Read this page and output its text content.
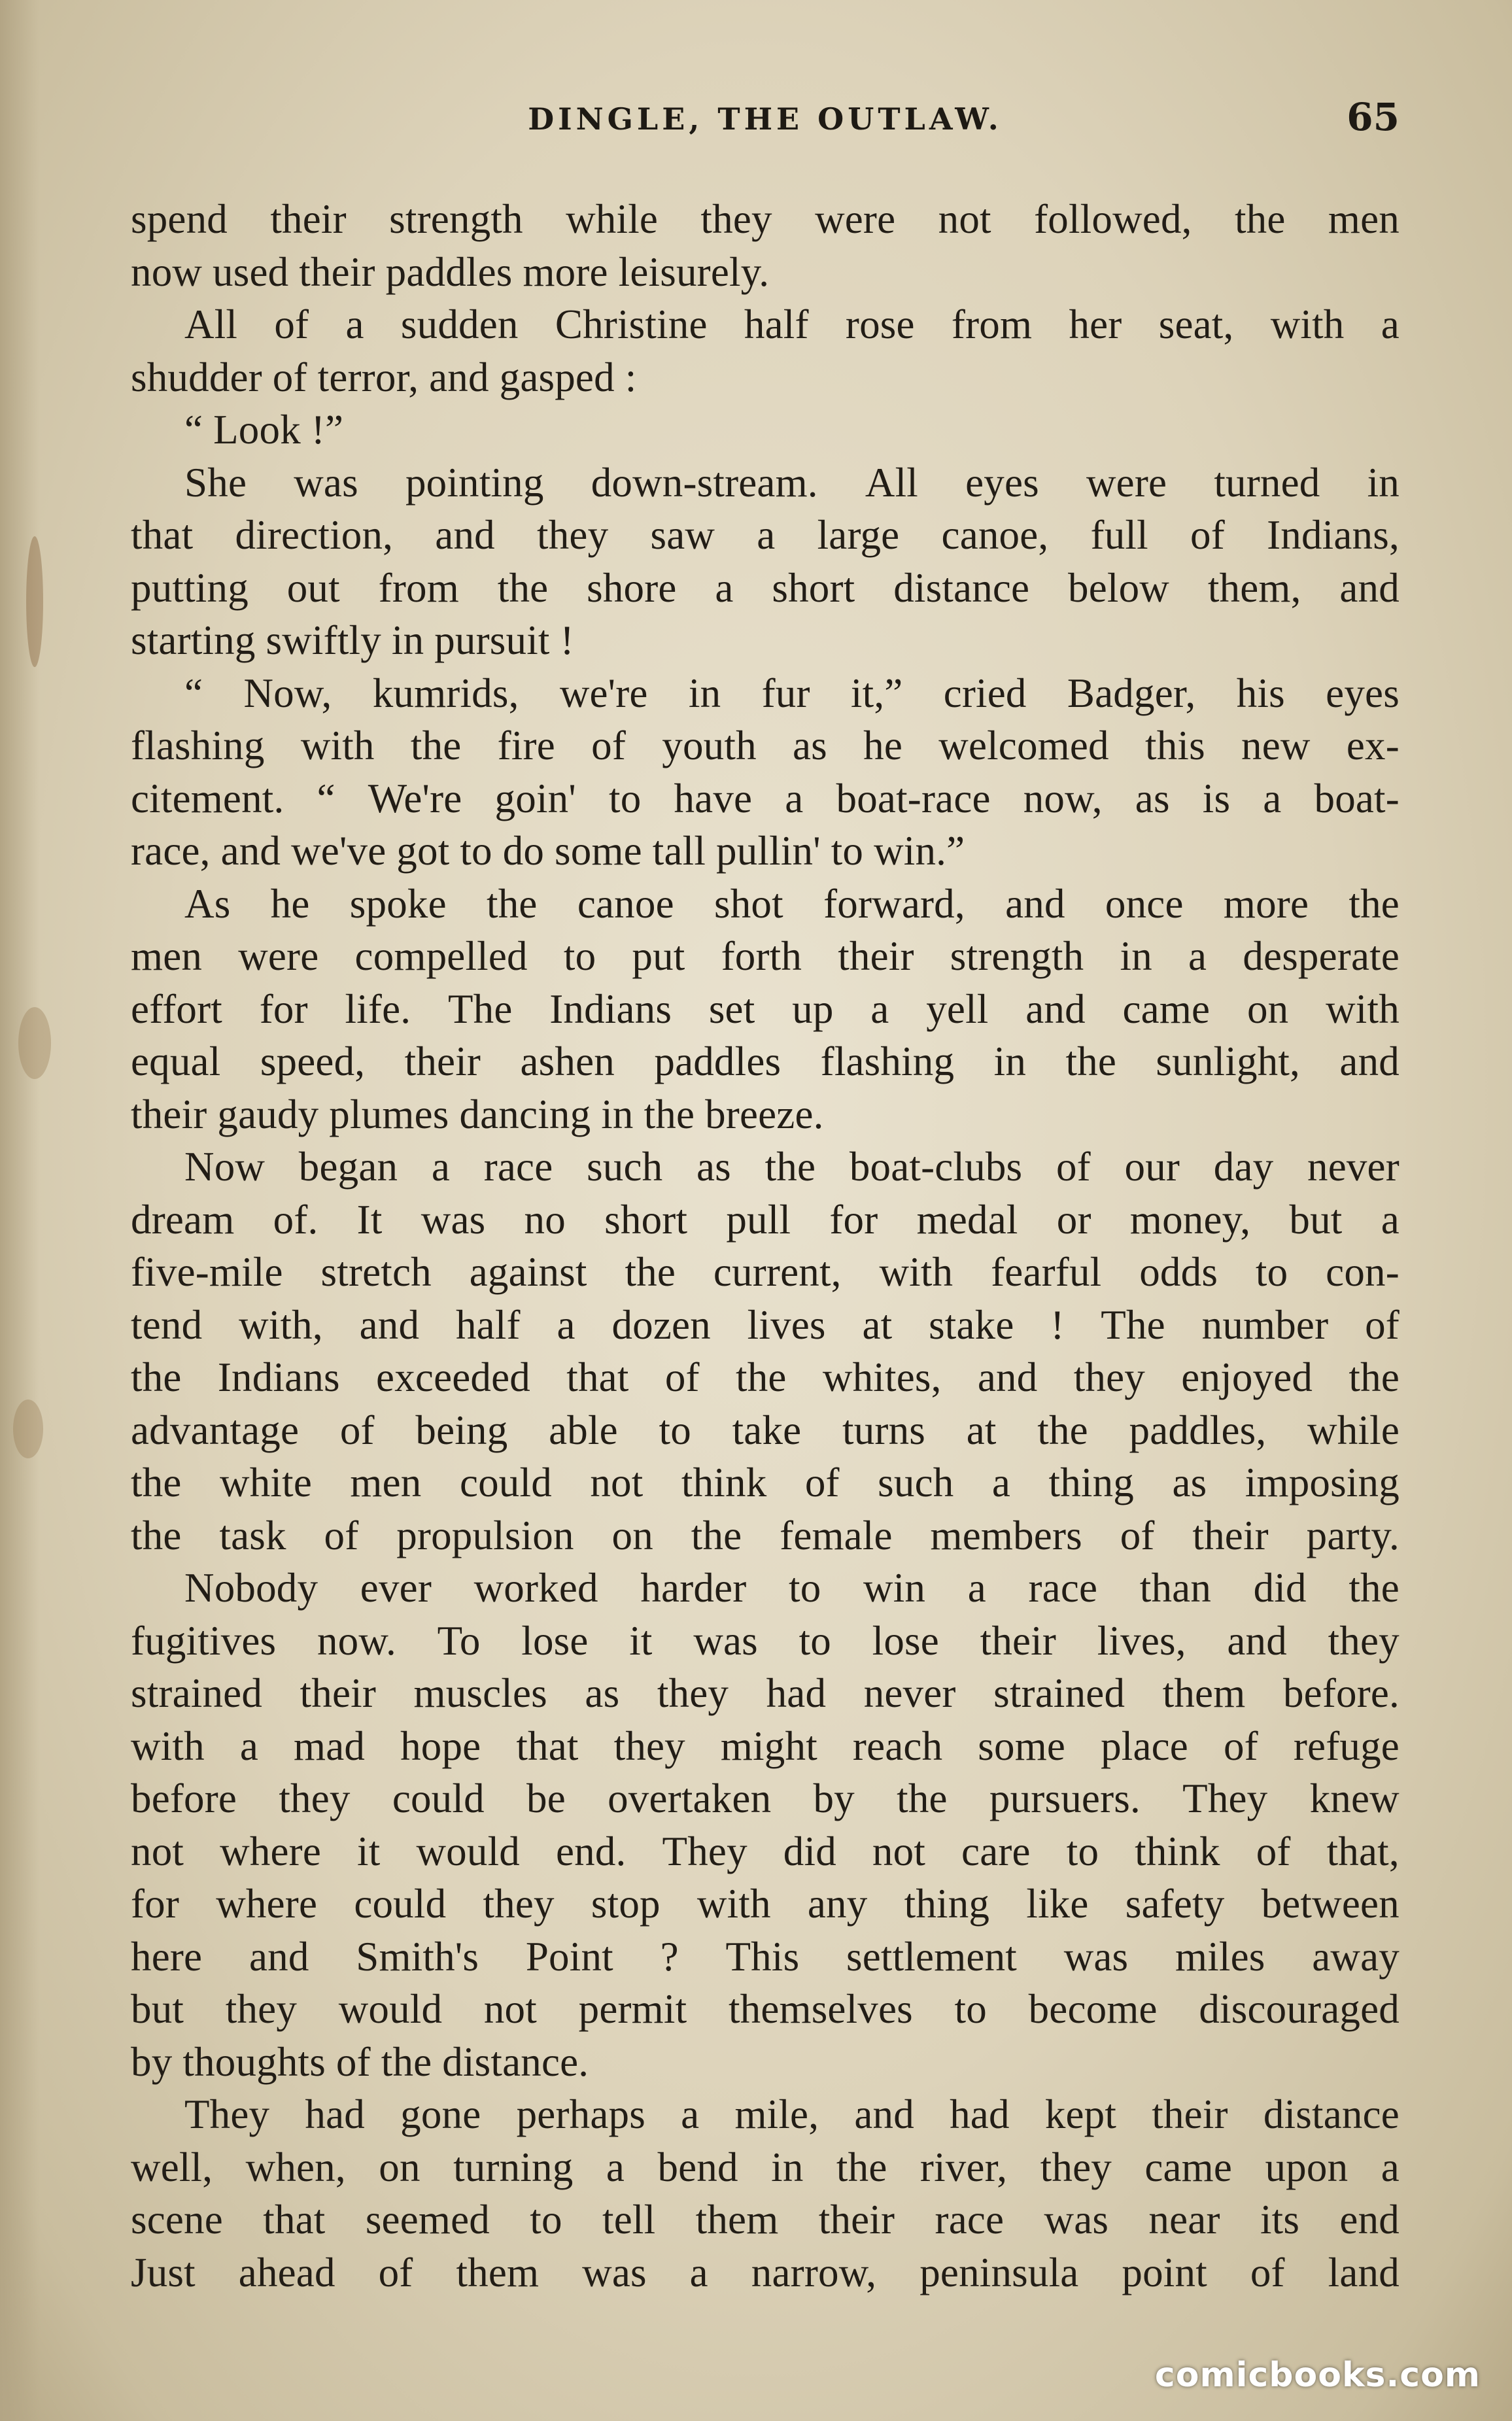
DINGLE, THE OUTLAW.	65
spend their strength while they were not followed, the men
now used their paddles more leisurely.
All of a sudden Christine half rose from her seat, with a
shudder of terror, and gasped :
“ Look !”
She was pointing down-stream. All eyes were turned in
that direction, and they saw a large canoe, full of Indians,
putting out from the shore a short distance below them, and
starting swiftly in pursuit !
“ Now, kumrids, we're in fur it,” cried Badger, his eyes
flashing with the fire of youth as he welcomed this new ex-
citement. “ We're goin' to have a boat-race now, as is a boat-
race, and we've got to do some tall pullin' to win.”
As he spoke the canoe shot forward, and once more the
men were compelled to put forth their strength in a desperate
effort for life. The Indians set up a yell and came on with
equal speed, their ashen paddles flashing in the sunlight, and
their gaudy plumes dancing in the breeze.
Now began a race such as the boat-clubs of our day never
dream of. It was no short pull for medal or money, but a
five-mile stretch against the current, with fearful odds to con-
tend with, and half a dozen lives at stake ! The number of
the Indians exceeded that of the whites, and they enjoyed the
advantage of being able to take turns at the paddles, while
the white men could not think of such a thing as imposing
the task of propulsion on the female members of their party.
Nobody ever worked harder to win a race than did the
fugitives now. To lose it was to lose their lives, and they
strained their muscles as they had never strained them before.
with a mad hope that they might reach some place of refuge
before they could be overtaken by the pursuers. They knew
not where it would end. They did not care to think of that,
for where could they stop with any thing like safety between
here and Smith's Point ? This settlement was miles away
but they would not permit themselves to become discouraged
by thoughts of the distance.
They had gone perhaps a mile, and had kept their distance
well, when, on turning a bend in the river, they came upon a
scene that seemed to tell them their race was near its end
Just ahead of them was a narrow, peninsula point of land
comicbooks.com
